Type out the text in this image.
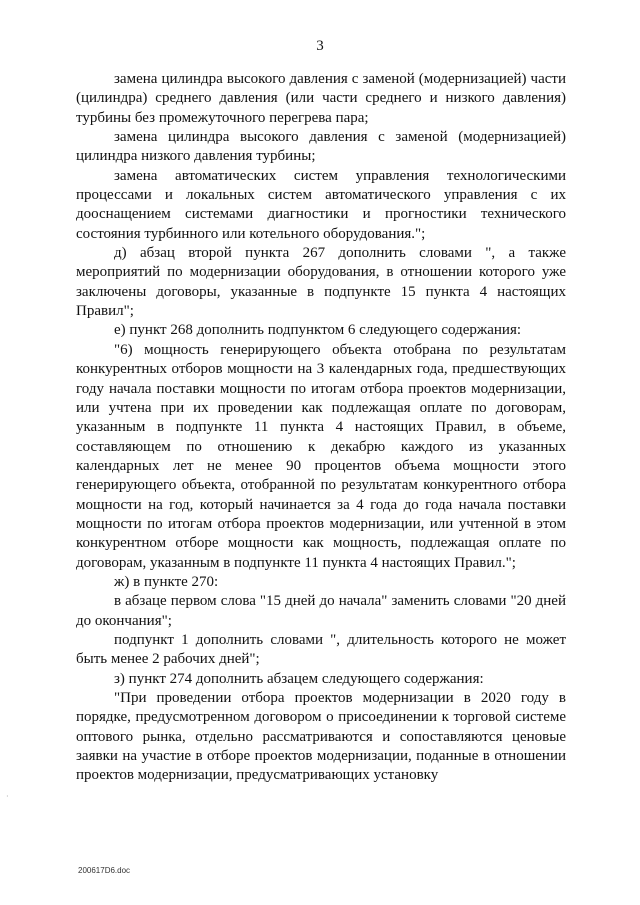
3

замена цилиндра высокого давления с заменой (модернизацией) части (цилиндра) среднего давления (или части среднего и низкого давления) турбины без промежуточного перегрева пара;

замена цилиндра высокого давления с заменой (модернизацией) цилиндра низкого давления турбины;

замена автоматических систем управления технологическими процессами и локальных систем автоматического управления с их дооснащением системами диагностики и прогностики технического состояния турбинного или котельного оборудования.";

д) абзац второй пункта 267 дополнить словами ", а также мероприятий по модернизации оборудования, в отношении которого уже заключены договоры, указанные в подпункте 15 пункта 4 настоящих Правил";

е) пункт 268 дополнить подпунктом 6 следующего содержания:

"6) мощность генерирующего объекта отобрана по результатам конкурентных отборов мощности на 3 календарных года, предшествующих году начала поставки мощности по итогам отбора проектов модернизации, или учтена при их проведении как подлежащая оплате по договорам, указанным в подпункте 11 пункта 4 настоящих Правил, в объеме, составляющем по отношению к декабрю каждого из указанных календарных лет не менее 90 процентов объема мощности этого генерирующего объекта, отобранной по результатам конкурентного отбора мощности на год, который начинается за 4 года до года начала поставки мощности по итогам отбора проектов модернизации, или учтенной в этом конкурентном отборе мощности как мощность, подлежащая оплате по договорам, указанным в подпункте 11 пункта 4 настоящих Правил.";

ж) в пункте 270:

в абзаце первом слова "15 дней до начала" заменить словами "20 дней до окончания";

подпункт 1 дополнить словами ", длительность которого не может быть менее 2 рабочих дней";

з) пункт 274 дополнить абзацем следующего содержания:

"При проведении отбора проектов модернизации в 2020 году в порядке, предусмотренном договором о присоединении к торговой системе оптового рынка, отдельно рассматриваются и сопоставляются ценовые заявки на участие в отборе проектов модернизации, поданные в отношении проектов модернизации, предусматривающих установку

·
200617D6.doc
